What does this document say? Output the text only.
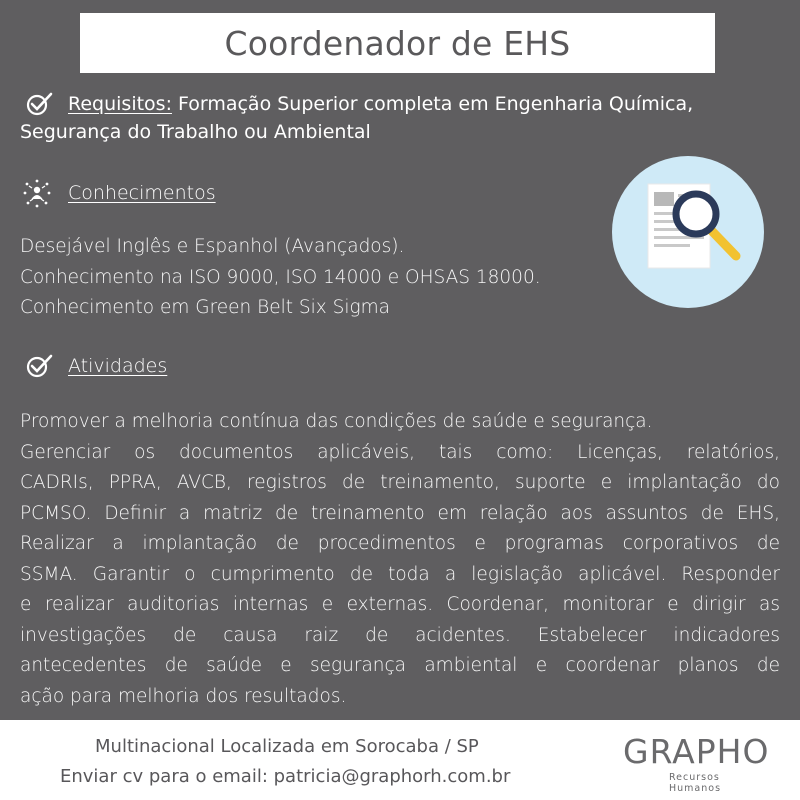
Coordenador de EHS
Requisitos: Formação Superior completa em Engenharia Química,
Segurança do Trabalho ou Ambiental
Conhecimentos
Desejável Inglês e Espanhol (Avançados).
Conhecimento na ISO 9000, ISO 14000 e OHSAS 18000.
Conhecimento em Green Belt Six Sigma
Atividades
Promover a melhoria contínua das condições de saúde e segurança.
Gerenciar os documentos aplicáveis, tais como: Licenças, relatórios,
CADRIs, PPRA, AVCB, registros de treinamento, suporte e implantação do
PCMSO. Definir a matriz de treinamento em relação aos assuntos de EHS,
Realizar a implantação de procedimentos e programas corporativos de
SSMA. Garantir o cumprimento de toda a legislação aplicável. Responder
e realizar auditorias internas e externas. Coordenar, monitorar e dirigir as
investigações de causa raiz de acidentes. Estabelecer indicadores
antecedentes de saúde e segurança ambiental e coordenar planos de
ação para melhoria dos resultados.
Multinacional Localizada em Sorocaba / SP
Enviar cv para o email: patricia@graphorh.com.br
GRAPHO
Recursos Humanos
